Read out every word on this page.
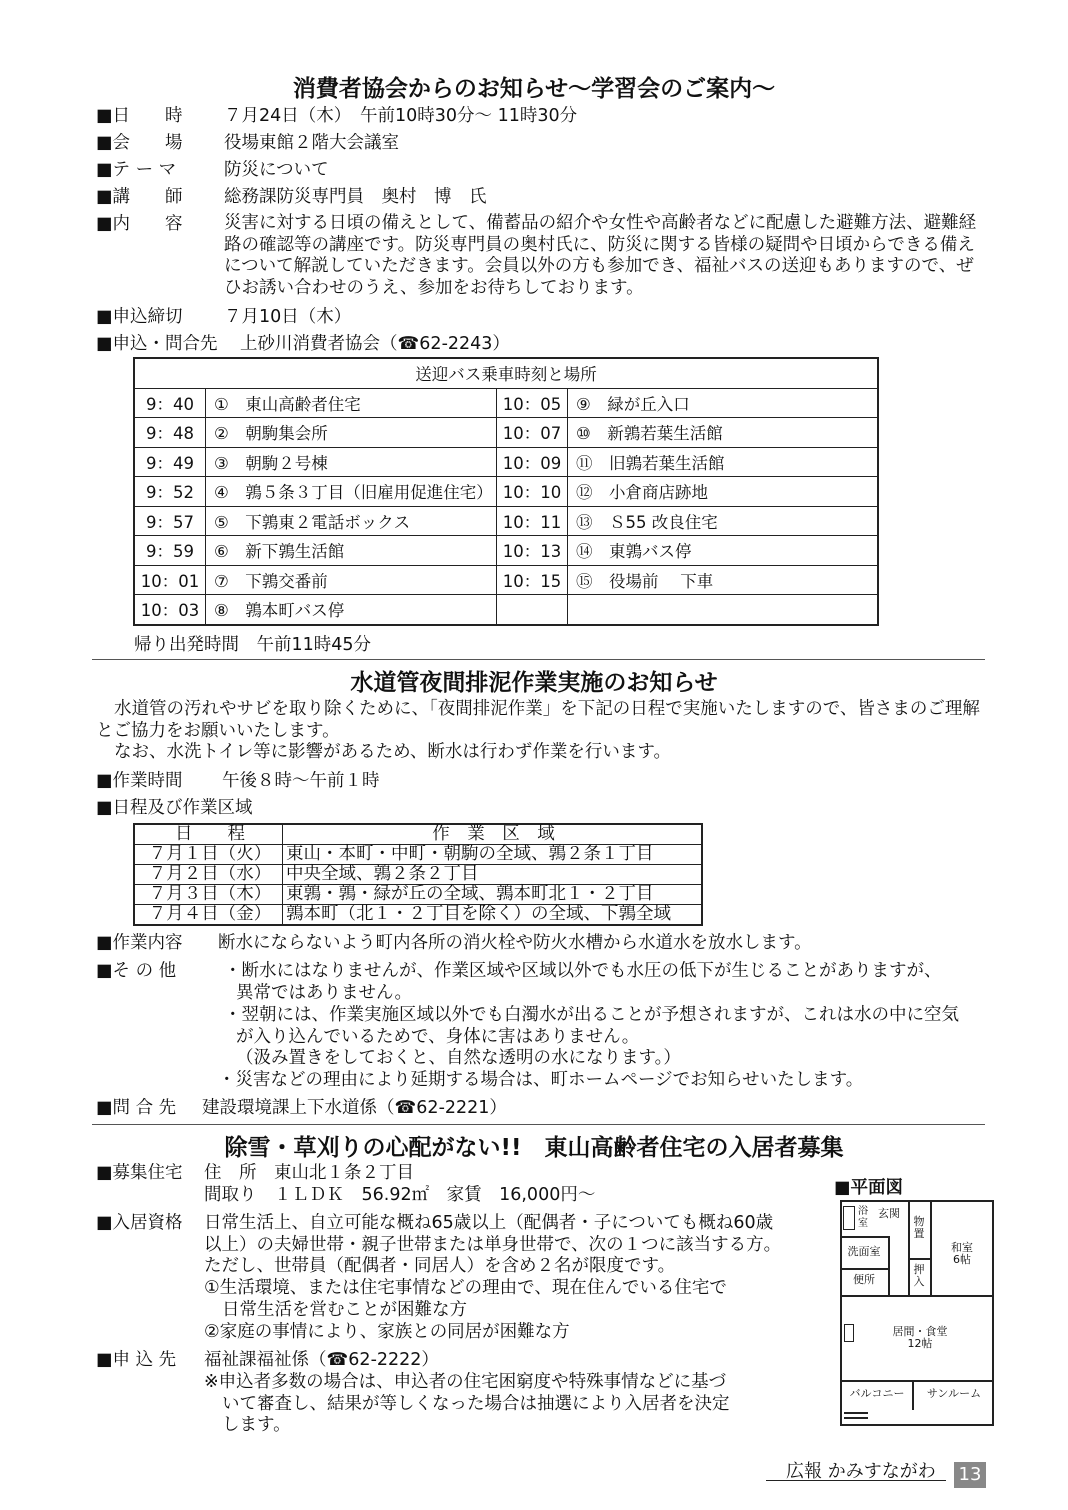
消費者協会からのお知らせ～学習会のご案内～
■日　　時 ７月24日（木）　午前10時30分～ 11時30分
■会　　場 役場東館２階大会議室
■テ ー マ	防災について
■講　　師 総務課防災専門員　奥村　博　氏
■内　　容 災害に対する日頃の備えとして、備蓄品の紹介や女性や高齢者などに配慮した避難方法、避難経路の確認等の講座です。防災専門員の奥村氏に、防災に関する皆様の疑問や日頃からできる備えについて解説していただきます。会員以外の方も参加でき、福祉バスの送迎もありますので、ぜひお誘い合わせのうえ、参加をお待ちしております。
■申込締切 ７月10日（木）
■申込・問合先 上砂川消費者協会（☎62-2243）
送迎バス乗車時刻と場所			
9：40	①　東山高齢者住宅	10：05	⑨　緑が丘入口
9：48	②　朝駒集会所	10：07	⑩　新鶉若葉生活館
9：49	③　朝駒２号棟	10：09	⑪　旧鶉若葉生活館
9：52	④　鶉５条３丁目（旧雇用促進住宅）	10：10	⑫　小倉商店跡地
9：57	⑤　下鶉東２電話ボックス	10：11	⑬　Ｓ55 改良住宅
9：59	⑥　新下鶉生活館	10：13	⑭　東鶉バス停
10：01	⑦　下鶉交番前	10：15	⑮　役場前　 下車
10：03	⑧　鶉本町バス停		
帰り出発時間　午前11時45分
水道管夜間排泥作業実施のお知らせ
水道管の汚れやサビを取り除くために、「夜間排泥作業」を下記の日程で実施いたしますので、皆さまのご理解とご協力をお願いいたします。
なお、水洗トイレ等に影響があるため、断水は行わず作業を行います。
■作業時間 午後８時～午前１時
■日程及び作業区域
日　　程	作　業　区　域
７月１日（火）	東山・本町・中町・朝駒の全域、鶉２条１丁目
７月２日（水）	中央全域、鶉２条２丁目
７月３日（木）	東鶉・鶉・緑が丘の全域、鶉本町北１・２丁目
７月４日（金）	鶉本町（北１・２丁目を除く）の全域、下鶉全域
■作業内容 断水にならないよう町内各所の消火栓や防火水槽から水道水を放水します。
■そ の 他	・断水にはなりませんが、作業区域や区域以外でも水圧の低下が生じることがありますが、
異常ではありません。
・翌朝には、作業実施区域以外でも白濁水が出ることが予想されますが、これは水の中に空気
が入り込んでいるためで、身体に害はありません。
（汲み置きをしておくと、自然な透明の水になります。）
・災害などの理由により延期する場合は、町ホームページでお知らせいたします。
■問 合 先 建設環境課上下水道係（☎62-2221）
除雪・草刈りの心配がない!!　東山高齢者住宅の入居者募集
■募集住宅 住　所　東山北１条２丁目
間取り　１ＬＤＫ　56.92㎡　家賃　16,000円～
■入居資格 日常生活上、自立可能な概ね65歳以上（配偶者・子についても概ね60歳
以上）の夫婦世帯・親子世帯または単身世帯で、次の１つに該当する方。
ただし、世帯員（配偶者・同居人）を含め２名が限度です。
①生活環境、または住宅事情などの理由で、現在住んでいる住宅で
日常生活を営むことが困難な方
②家庭の事情により、家族との同居が困難な方
■申 込 先 福祉課福祉係（☎62-2222）
※申込者多数の場合は、申込者の住宅困窮度や特殊事情などに基づ
いて審査し、結果が等しくなった場合は抽選により入居者を決定
します。
■平面図
浴室
玄関
物置
洗面室
便所
押入
和室
6帖
居間・食堂
12帖
バルコニー	サンルーム
広報 かみすながわ 13
